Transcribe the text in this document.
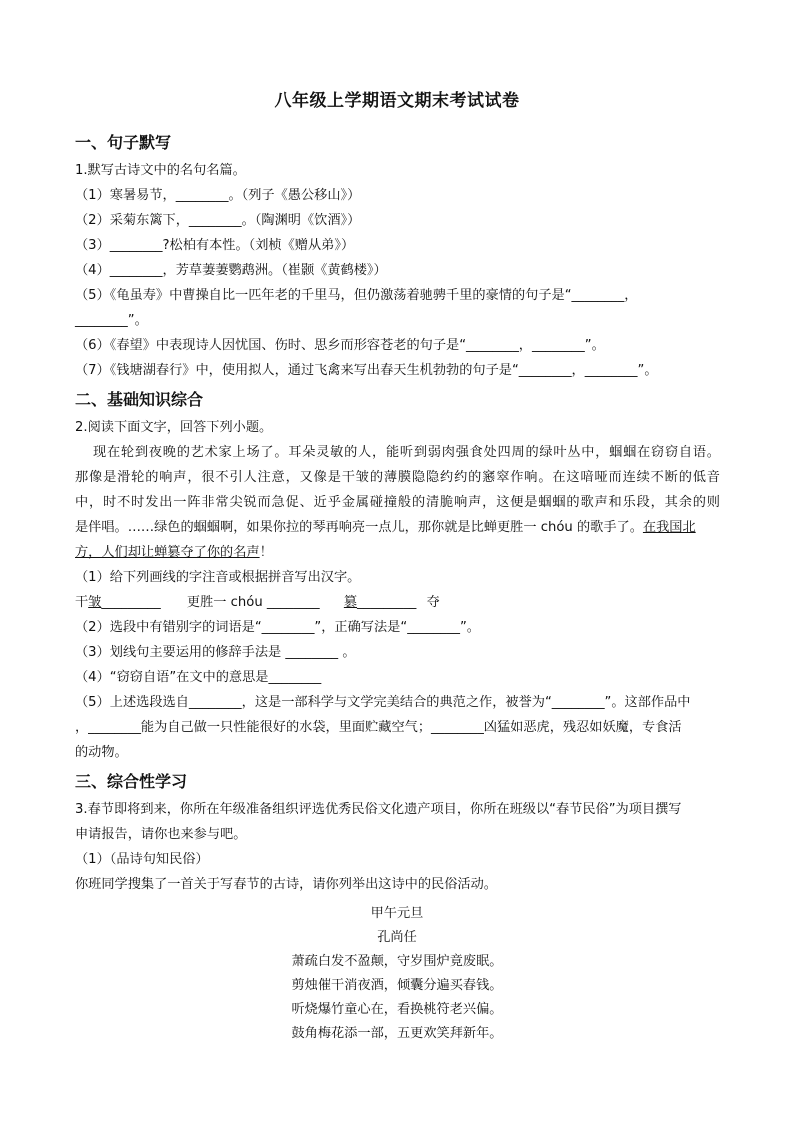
八年级上学期语文期末考试试卷
一、句子默写
1.默写古诗文中的名句名篇。
（1）寒暑易节，________。（列子《愚公移山》）
（2）采菊东篱下，________。（陶渊明《饮酒》）
（3）________?松柏有本性。（刘桢《赠从弟》）
（4）________，芳草萋萋鹦鹉洲。（崔颢《黄鹤楼》）
（5）《龟虽寿》中曹操自比一匹年老的千里马，但仍激荡着驰骋千里的豪情的句子是“________，
________”。
（6）《春望》中表现诗人因忧国、伤时、思乡而形容苍老的句子是“________，________”。
（7）《钱塘湖春行》中，使用拟人，通过飞禽来写出春天生机勃勃的句子是“________，________”。
二、基础知识综合
2.阅读下面文字，回答下列小题。
现在轮到夜晚的艺术家上场了。耳朵灵敏的人，能听到弱肉强食处四周的绿叶丛中，蝈蝈在窃窃自语。
那像是滑轮的响声，很不引人注意，又像是干皱的薄膜隐隐约约的窸窣作响。在这喑哑而连续不断的低音
中，时不时发出一阵非常尖锐而急促、近乎金属碰撞般的清脆响声，这便是蝈蝈的歌声和乐段，其余的则
是伴唱。……绿色的蝈蝈啊，如果你拉的琴再响亮一点儿，那你就是比蝉更胜一 chóu 的歌手了。在我国北
方，人们却让蝉篡夺了你的名声！
（1）给下列画线的字注音或根据拼音写出汉字。
干皱_________ 更胜一 chóu ________ 篡_________ 夺
（2）选段中有错别字的词语是“________”，正确写法是“________”。
（3）划线句主要运用的修辞手法是 ________ 。
（4）“窃窃自语”在文中的意思是________
（5）上述选段选自________，这是一部科学与文学完美结合的典范之作，被誉为“________”。这部作品中
，________能为自己做一只性能很好的水袋，里面贮藏空气；________凶猛如恶虎，残忍如妖魔，专食活
的动物。
三、综合性学习
3.春节即将到来，你所在年级准备组织评选优秀民俗文化遗产项目，你所在班级以“春节民俗”为项目撰写
申请报告，请你也来参与吧。
（1）（品诗句知民俗）
你班同学搜集了一首关于写春节的古诗，请你列举出这诗中的民俗活动。
甲午元旦
孔尚任
萧疏白发不盈颠，守岁围炉竟废眠。
剪烛催干消夜酒，倾囊分遍买春钱。
听烧爆竹童心在，看换桃符老兴偏。
鼓角梅花添一部，五更欢笑拜新年。
